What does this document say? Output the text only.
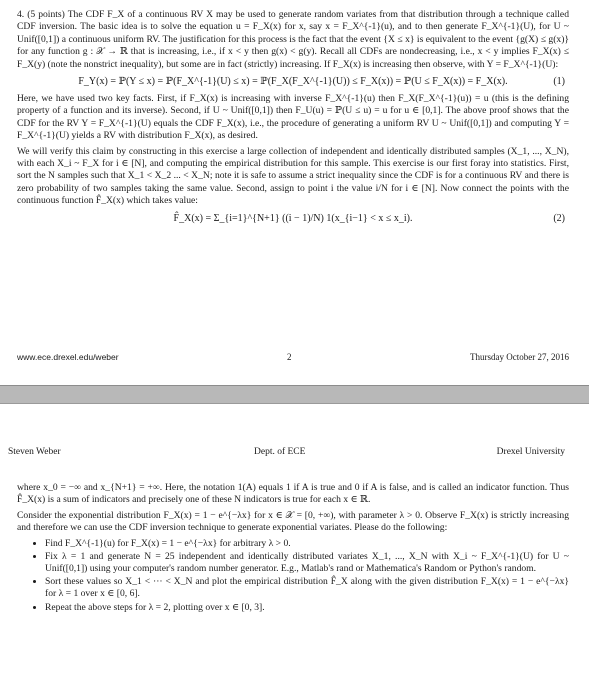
4. (5 points) The CDF F_X of a continuous RV X may be used to generate random variates from that distribution through a technique called CDF inversion. The basic idea is to solve the equation u = F_X(x) for x, say x = F_X^{-1}(u), and to then generate F_X^{-1}(U), for U ~ Unif([0,1]) a continuous uniform RV. The justification for this process is the fact that the event {X ≤ x} is equivalent to the event {g(X) ≤ g(x)} for any function g : 𝒳 → ℝ that is increasing, i.e., if x < y then g(x) < g(y). Recall all CDFs are nondecreasing, i.e., x < y implies F_X(x) ≤ F_X(y) (note the nonstrict inequality), but some are in fact (strictly) increasing. If F_X(x) is increasing then observe, with Y = F_X^{-1}(U):

F_Y(x) = ℙ(Y ≤ x) = ℙ(F_X^{-1}(U) ≤ x) = ℙ(F_X(F_X^{-1}(U)) ≤ F_X(x)) = ℙ(U ≤ F_X(x)) = F_X(x).	(1)

Here, we have used two key facts. First, if F_X(x) is increasing with inverse F_X^{-1}(u) then F_X(F_X^{-1}(u)) = u (this is the defining property of a function and its inverse). Second, if U ~ Unif([0,1]) then F_U(u) = ℙ(U ≤ u) = u for u ∈ [0,1]. The above proof shows that the CDF for the RV Y = F_X^{-1}(U) equals the CDF F_X(x), i.e., the procedure of generating a uniform RV U ~ Unif([0,1]) and computing Y = F_X^{-1}(U) yields a RV with distribution F_X(x), as desired.

We will verify this claim by constructing in this exercise a large collection of independent and identically distributed samples (X_1, ..., X_N), with each X_i ~ F_X for i ∈ [N], and computing the empirical distribution for this sample. This exercise is our first foray into statistics. First, sort the N samples such that X_1 < X_2 ... < X_N; note it is safe to assume a strict inequality since the CDF is for a continuous RV and there is zero probability of two samples taking the same value. Second, assign to point i the value i/N for i ∈ [N]. Now connect the points with the continuous function F̂_X(x) which takes value:

F̂_X(x) = Σ_{i=1}^{N+1} ((i − 1)/N) 1(x_{i−1} < x ≤ x_i).	(2)
www.ece.drexel.edu/weber	2	Thursday October 27, 2016
Steven Weber	Dept. of ECE	Drexel University

where x_0 = −∞ and x_{N+1} = +∞. Here, the notation 1(A) equals 1 if A is true and 0 if A is false, and is called an indicator function. Thus F̂_X(x) is a sum of indicators and precisely one of these N indicators is true for each x ∈ ℝ.

Consider the exponential distribution F_X(x) = 1 − e^{−λx} for x ∈ 𝒳 = [0, +∞), with parameter λ > 0. Observe F_X(x) is strictly increasing and therefore we can use the CDF inversion technique to generate exponential variates. Please do the following:

• Find F_X^{-1}(u) for F_X(x) = 1 − e^{−λx} for arbitrary λ > 0.
• Fix λ = 1 and generate N = 25 independent and identically distributed variates X_1, ..., X_N with X_i ~ F_X^{-1}(U) for U ~ Unif([0,1]) using your computer's random number generator. E.g., Matlab's rand or Mathematica's Random or Python's random.
• Sort these values so X_1 < ··· < X_N and plot the empirical distribution F̂_X along with the given distribution F_X(x) = 1 − e^{−λx} for λ = 1 over x ∈ [0, 6].
• Repeat the above steps for λ = 2, plotting over x ∈ [0, 3].
